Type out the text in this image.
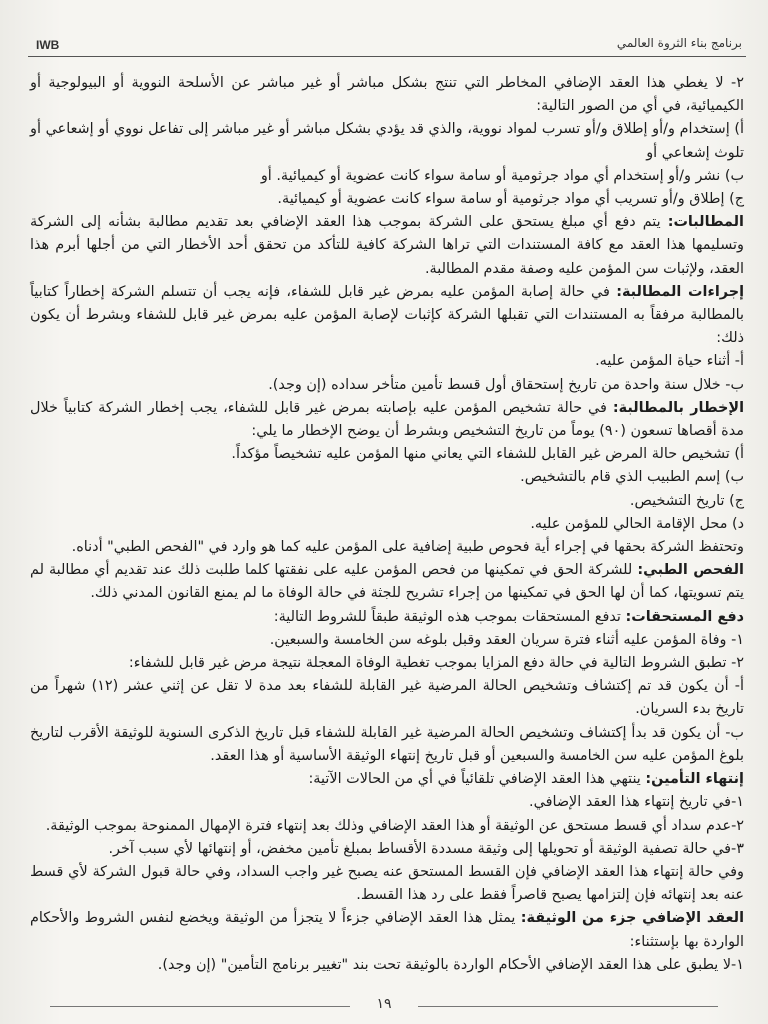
IWB	برنامج بناء الثروة العالمي

٢- لا يغطي هذا العقد الإضافي المخاطر التي تنتج بشكل مباشر أو غير مباشر عن الأسلحة النووية أو البيولوجية أو الكيميائية، في أي من الصور التالية:

أ) إستخدام و/أو إطلاق و/أو تسرب لمواد نووية، والذي قد يؤدي بشكل مباشر أو غير مباشر إلى تفاعل نووي أو إشعاعي أو تلوث إشعاعي أو

ب) نشر و/أو إستخدام أي مواد جرثومية أو سامة سواء كانت عضوية أو كيميائية. أو

ج) إطلاق و/أو تسريب أي مواد جرثومية أو سامة سواء كانت عضوية أو كيميائية.

المطالبات: يتم دفع أي مبلغ يستحق على الشركة بموجب هذا العقد الإضافي بعد تقديم مطالبة بشأنه إلى الشركة وتسليمها هذا العقد مع كافة المستندات التي تراها الشركة كافية للتأكد من تحقق أحد الأخطار التي من أجلها أبرم هذا العقد، ولإثبات سن المؤمن عليه وصفة مقدم المطالبة.

إجراءات المطالبة: في حالة إصابة المؤمن عليه بمرض غير قابل للشفاء، فإنه يجب أن تتسلم الشركة إخطاراً كتابياً بالمطالبة مرفقاً به المستندات التي تقبلها الشركة كإثبات لإصابة المؤمن عليه بمرض غير قابل للشفاء وبشرط أن يكون ذلك:

أ- أثناء حياة المؤمن عليه.

ب- خلال سنة واحدة من تاريخ إستحقاق أول قسط تأمين متأخر سداده (إن وجد).

الإخطار بالمطالبة: في حالة تشخيص المؤمن عليه بإصابته بمرض غير قابل للشفاء، يجب إخطار الشركة كتابياً خلال مدة أقصاها تسعون (٩٠) يوماً من تاريخ التشخيص وبشرط أن يوضح الإخطار ما يلي:

أ) تشخيص حالة المرض غير القابل للشفاء التي يعاني منها المؤمن عليه تشخيصاً مؤكداً.

ب) إسم الطبيب الذي قام بالتشخيص.

ج) تاريخ التشخيص.

د) محل الإقامة الحالي للمؤمن عليه.

وتحتفظ الشركة بحقها في إجراء أية فحوص طبية إضافية على المؤمن عليه كما هو وارد في "الفحص الطبي" أدناه.

الفحص الطبي: للشركة الحق في تمكينها من فحص المؤمن عليه على نفقتها كلما طلبت ذلك عند تقديم أي مطالبة لم يتم تسويتها، كما أن لها الحق في تمكينها من إجراء تشريح للجثة في حالة الوفاة ما لم يمنع القانون المدني ذلك.

دفع المستحقات: تدفع المستحقات بموجب هذه الوثيقة طبقاً للشروط التالية:

١- وفاة المؤمن عليه أثناء فترة سريان العقد وقبل بلوغه سن الخامسة والسبعين.

٢- تطبق الشروط التالية في حالة دفع المزايا بموجب تغطية الوفاة المعجلة نتيجة مرض غير قابل للشفاء:

أ- أن يكون قد تم إكتشاف وتشخيص الحالة المرضية غير القابلة للشفاء بعد مدة لا تقل عن إثني عشر (١٢) شهراً من تاريخ بدء السريان.

ب- أن يكون قد بدأ إكتشاف وتشخيص الحالة المرضية غير القابلة للشفاء قبل تاريخ الذكرى السنوية للوثيقة الأقرب لتاريخ بلوغ المؤمن عليه سن الخامسة والسبعين أو قبل تاريخ إنتهاء الوثيقة الأساسية أو هذا العقد.

إنتهاء التأمين: ينتهي هذا العقد الإضافي تلقائياً في أي من الحالات الآتية:

١-في تاريخ إنتهاء هذا العقد الإضافي.

٢-عدم سداد أي قسط مستحق عن الوثيقة أو هذا العقد الإضافي وذلك بعد إنتهاء فترة الإمهال الممنوحة بموجب الوثيقة.

٣-في حالة تصفية الوثيقة أو تحويلها إلى وثيقة مسددة الأقساط بمبلغ تأمين مخفض، أو إنتهائها لأي سبب آخر.

وفي حالة إنتهاء هذا العقد الإضافي فإن القسط المستحق عنه يصبح غير واجب السداد، وفي حالة قبول الشركة لأي قسط عنه بعد إنتهائه فإن إلتزامها يصبح قاصراً فقط على رد هذا القسط.

العقد الإضافي جزء من الوثيقة: يمثل هذا العقد الإضافي جزءاً لا يتجزأ من الوثيقة ويخضع لنفس الشروط والأحكام الواردة بها بإستثناء:

١-لا يطبق على هذا العقد الإضافي الأحكام الواردة بالوثيقة تحت بند "تغيير برنامج التأمين" (إن وجد).

١٩
